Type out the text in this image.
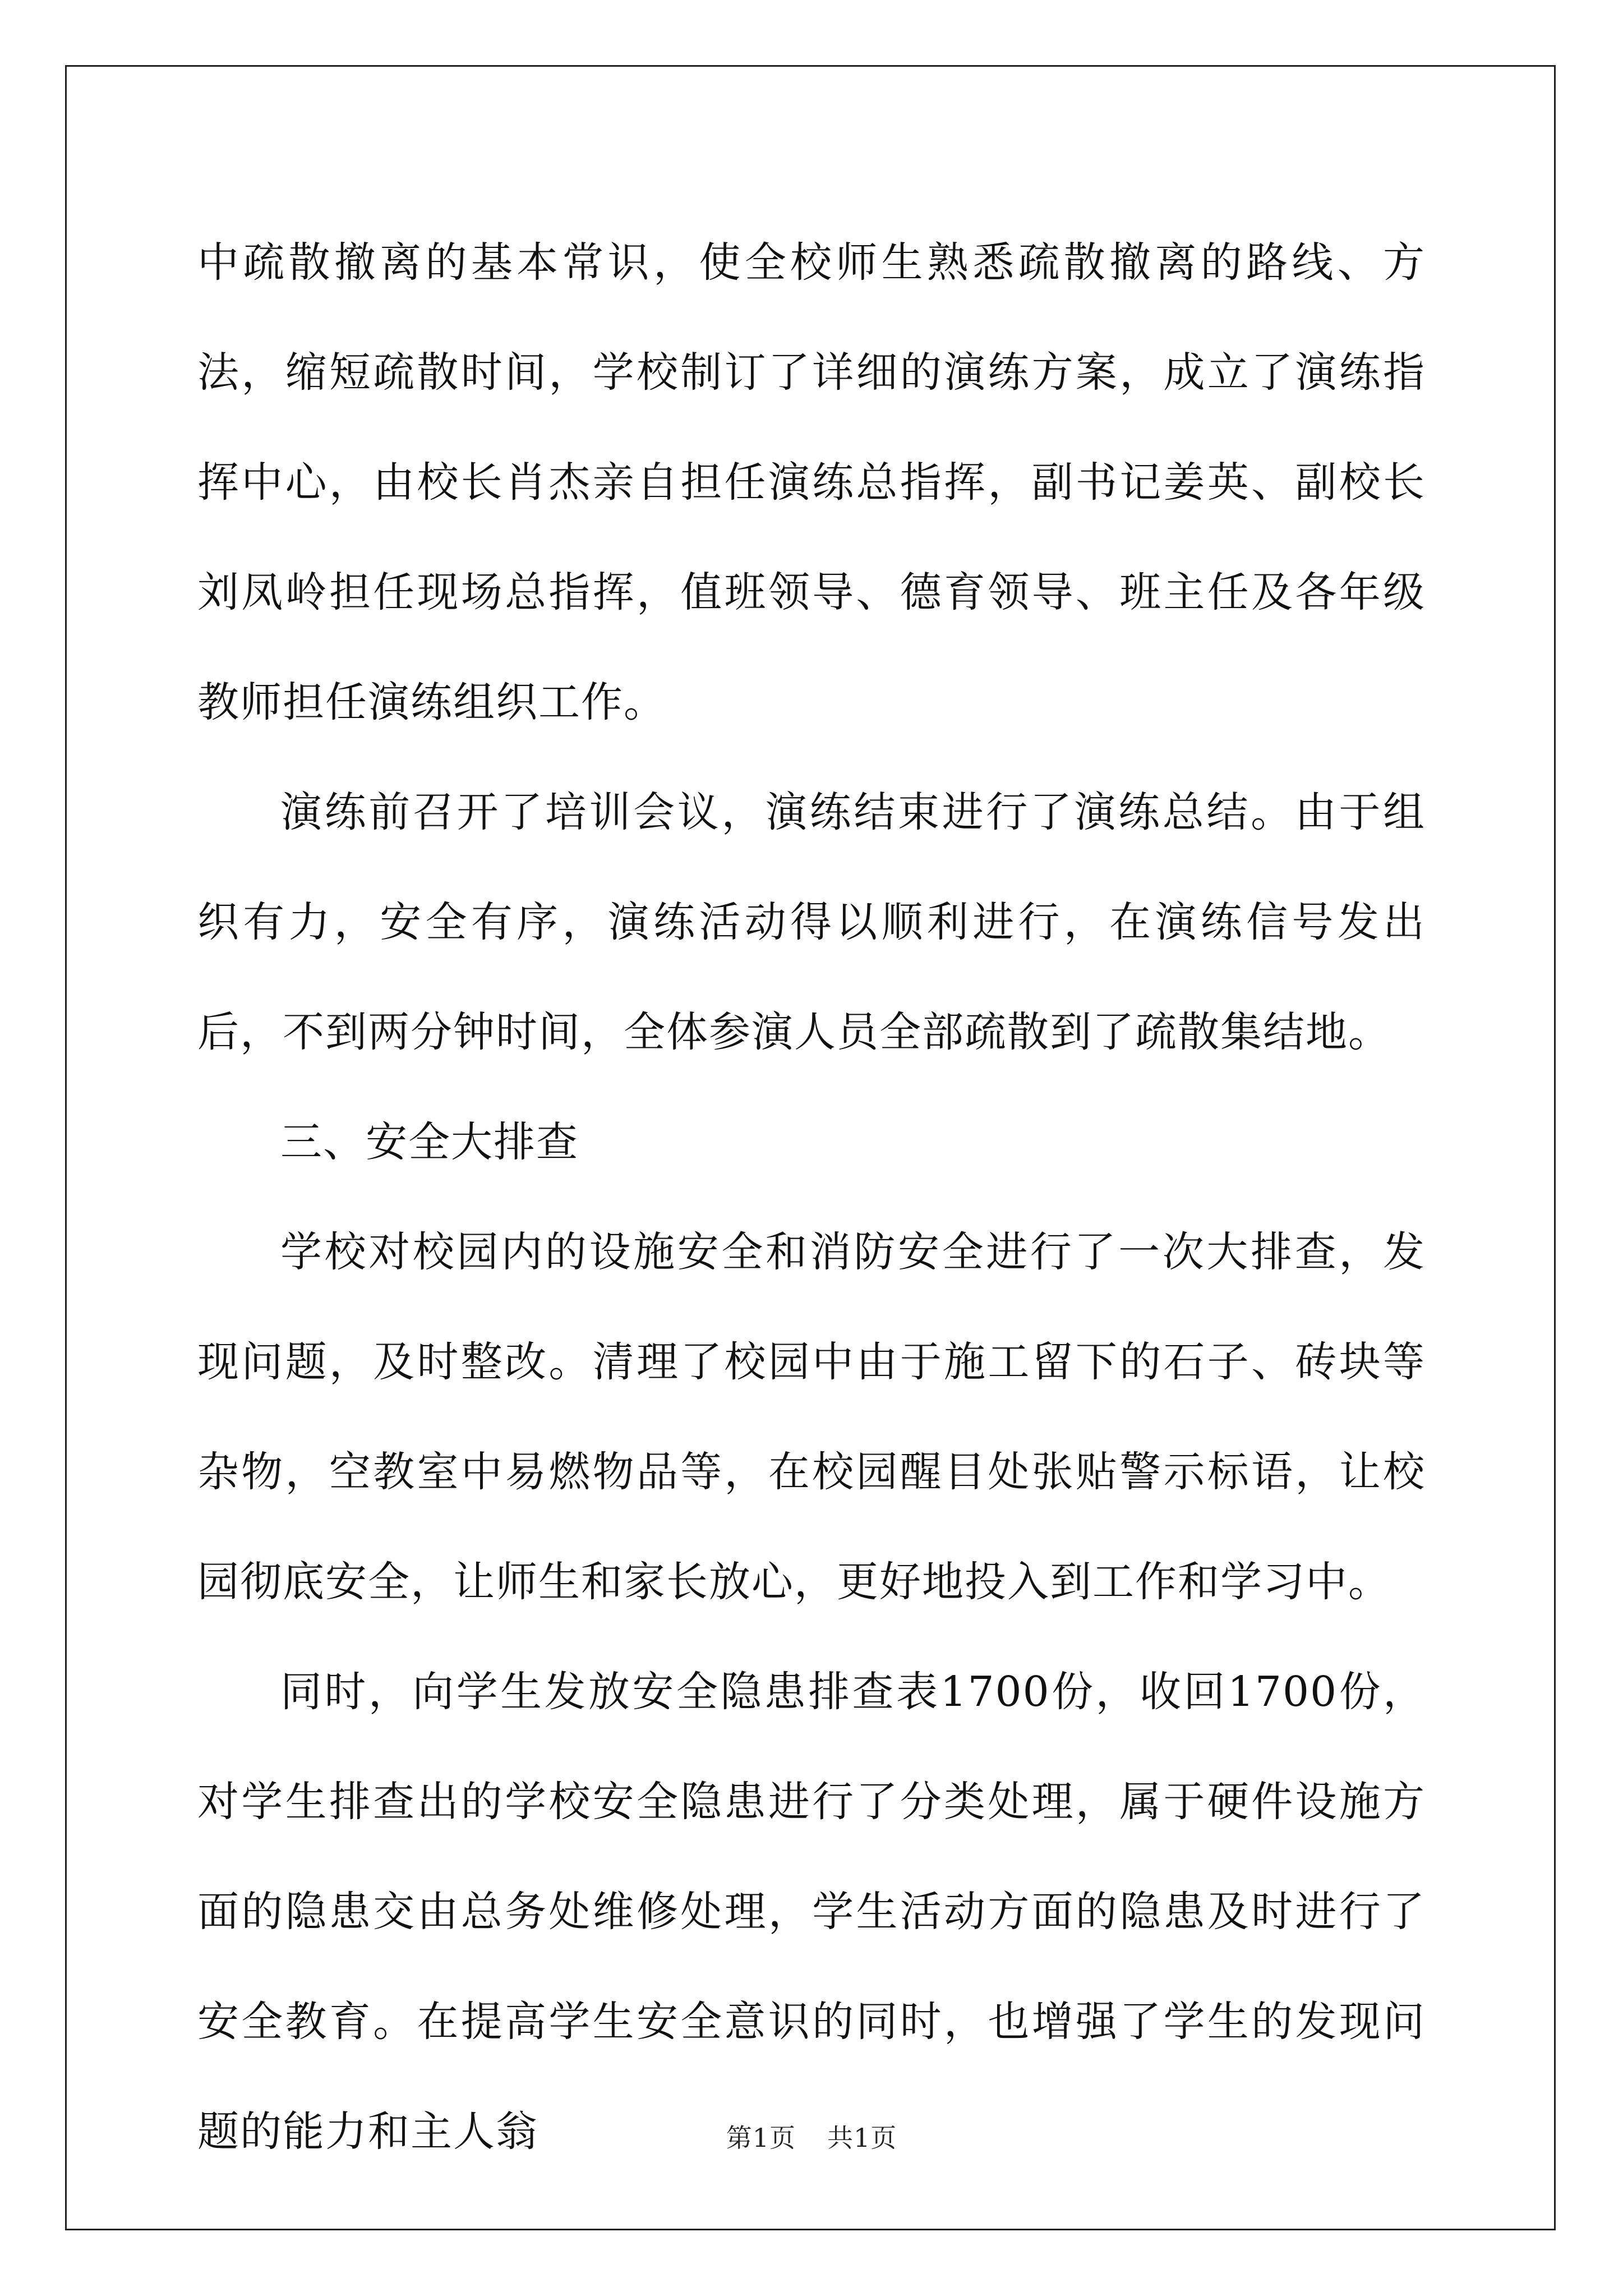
中疏散撤离的基本常识，使全校师生熟悉疏散撤离的路线、方法，缩短疏散时间，学校制订了详细的演练方案，成立了演练指挥中心，由校长肖杰亲自担任演练总指挥，副书记姜英、副校长刘凤岭担任现场总指挥，值班领导、德育领导、班主任及各年级教师担任演练组织工作。

演练前召开了培训会议，演练结束进行了演练总结。由于组织有力，安全有序，演练活动得以顺利进行，在演练信号发出后，不到两分钟时间，全体参演人员全部疏散到了疏散集结地。

三、安全大排查

学校对校园内的设施安全和消防安全进行了一次大排查，发现问题，及时整改。清理了校园中由于施工留下的石子、砖块等杂物，空教室中易燃物品等，在校园醒目处张贴警示标语，让校园彻底安全，让师生和家长放心，更好地投入到工作和学习中。

同时，向学生发放安全隐患排查表1700份，收回1700份，对学生排查出的学校安全隐患进行了分类处理，属于硬件设施方面的隐患交由总务处维修处理，学生活动方面的隐患及时进行了安全教育。在提高学生安全意识的同时，也增强了学生的发现问题的能力和主人翁	第1页 共1页
